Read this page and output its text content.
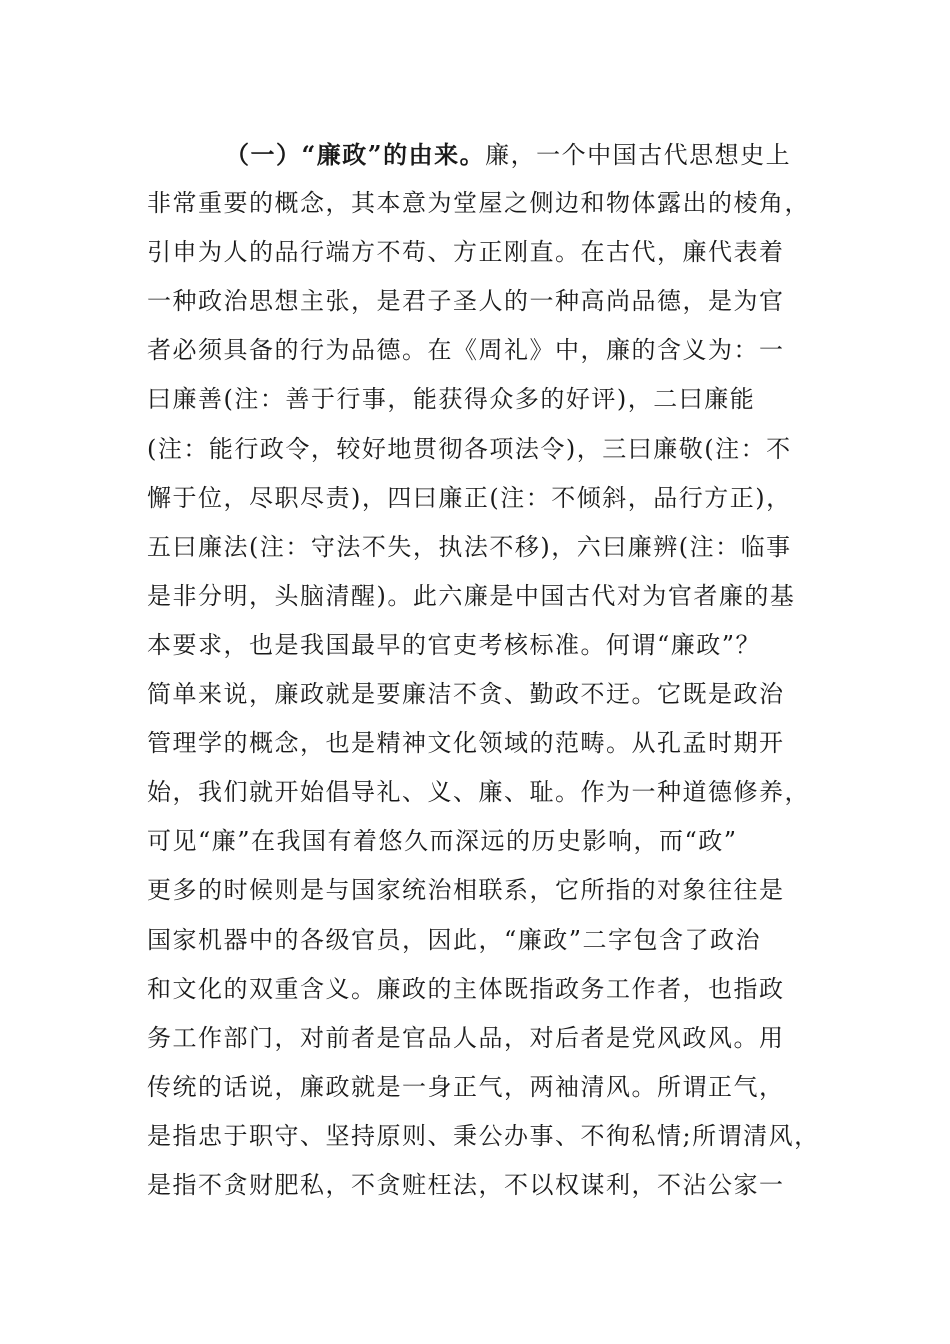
（一）“廉政”的由来。廉，一个中国古代思想史上
非常重要的概念，其本意为堂屋之侧边和物体露出的棱角，
引申为人的品行端方不苟、方正刚直。在古代，廉代表着
一种政治思想主张，是君子圣人的一种高尚品德，是为官
者必须具备的行为品德。在《周礼》中，廉的含义为：一
曰廉善(注：善于行事，能获得众多的好评)，二曰廉能
(注：能行政令，较好地贯彻各项法令)，三曰廉敬(注：不
懈于位，尽职尽责)，四曰廉正(注：不倾斜，品行方正)，
五曰廉法(注：守法不失，执法不移)，六曰廉辨(注：临事
是非分明，头脑清醒)。此六廉是中国古代对为官者廉的基
本要求，也是我国最早的官吏考核标准。何谓“廉政”？
简单来说，廉政就是要廉洁不贪、勤政不迂。它既是政治
管理学的概念，也是精神文化领域的范畴。从孔孟时期开
始，我们就开始倡导礼、义、廉、耻。作为一种道德修养，
可见“廉”在我国有着悠久而深远的历史影响，而“政”
更多的时候则是与国家统治相联系，它所指的对象往往是
国家机器中的各级官员，因此，“廉政”二字包含了政治
和文化的双重含义。廉政的主体既指政务工作者，也指政
务工作部门，对前者是官品人品，对后者是党风政风。用
传统的话说，廉政就是一身正气，两袖清风。所谓正气，
是指忠于职守、坚持原则、秉公办事、不徇私情;所谓清风，
是指不贪财肥私，不贪赃枉法，不以权谋利，不沾公家一
